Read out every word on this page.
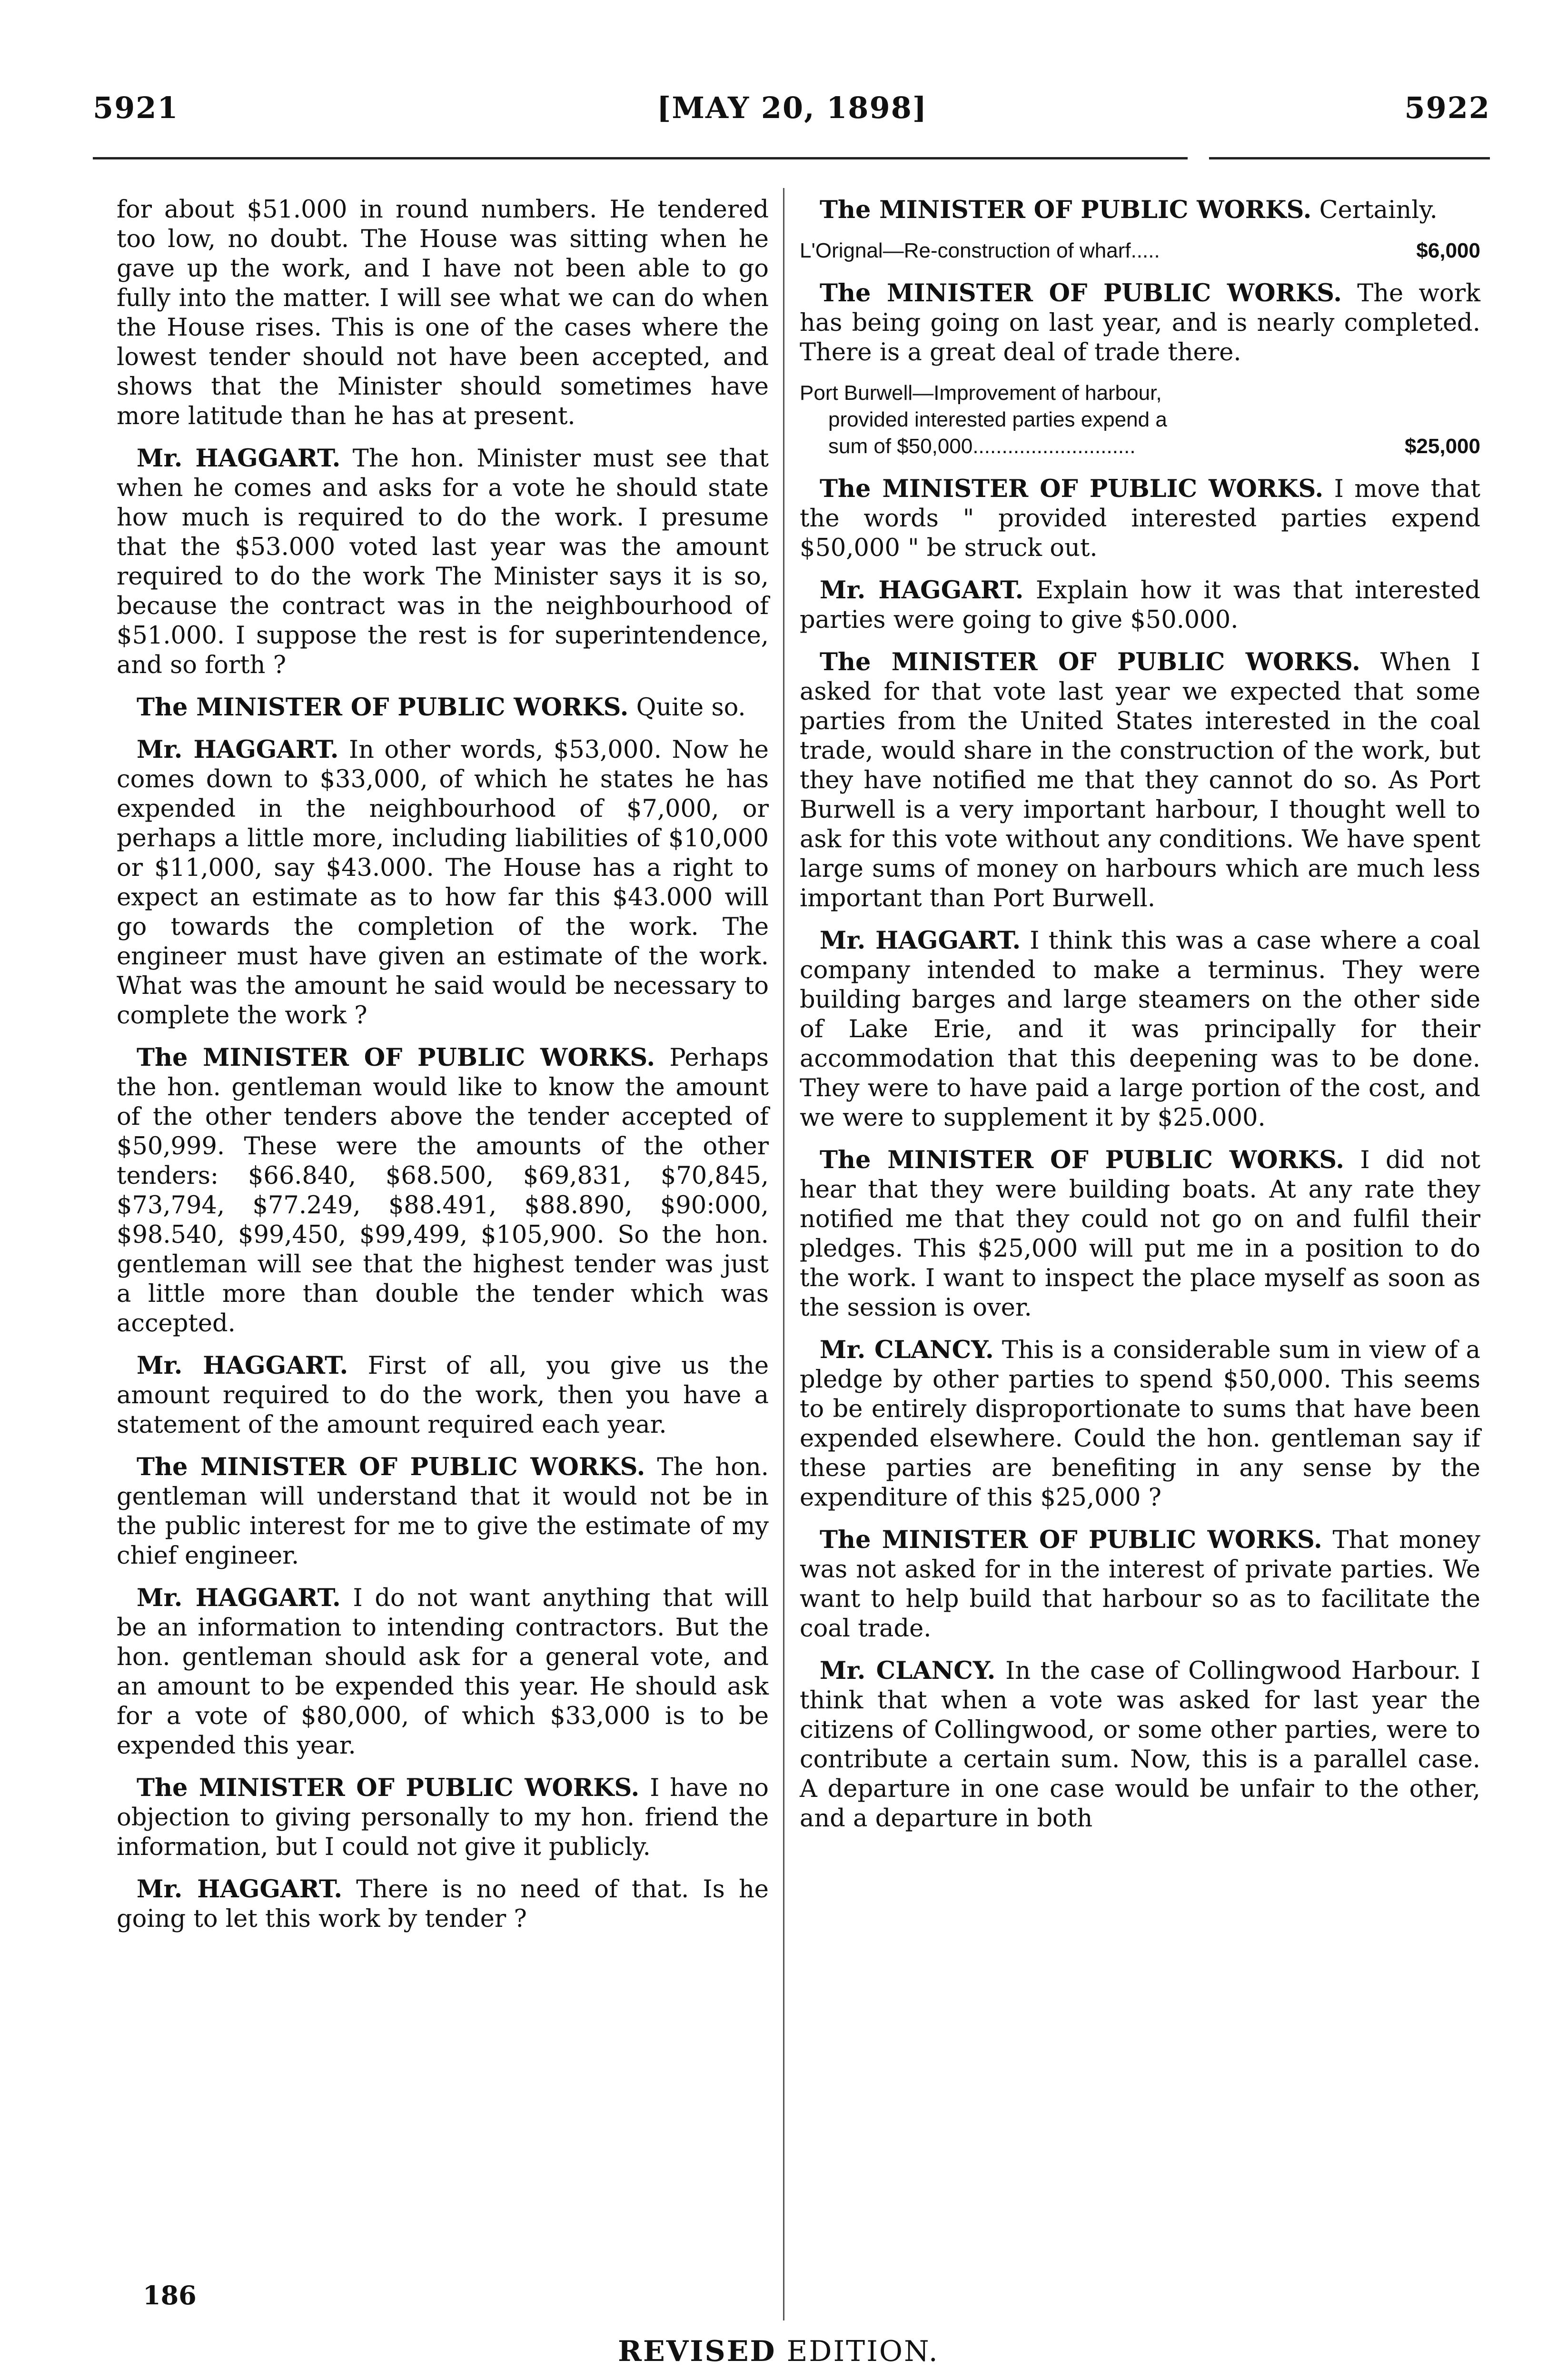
5921	[MAY 20, 1898]	5922

for about $51.000 in round numbers. He tendered too low, no doubt. The House was sitting when he gave up the work, and I have not been able to go fully into the matter. I will see what we can do when the House rises. This is one of the cases where the lowest tender should not have been accepted, and shows that the Minister should sometimes have more latitude than he has at present.

Mr. HAGGART. The hon. Minister must see that when he comes and asks for a vote he should state how much is required to do the work. I presume that the $53.000 voted last year was the amount required to do the work The Minister says it is so, because the contract was in the neighbourhood of $51.000. I suppose the rest is for superintendence, and so forth ?

The MINISTER OF PUBLIC WORKS. Quite so.

Mr. HAGGART. In other words, $53,000. Now he comes down to $33,000, of which he states he has expended in the neighbourhood of $7,000, or perhaps a little more, including liabilities of $10,000 or $11,000, say $43.000. The House has a right to expect an estimate as to how far this $43.000 will go towards the completion of the work. The engineer must have given an estimate of the work. What was the amount he said would be necessary to complete the work ?

The MINISTER OF PUBLIC WORKS. Perhaps the hon. gentleman would like to know the amount of the other tenders above the tender accepted of $50,999. These were the amounts of the other tenders: $66.840, $68.500, $69,831, $70,845, $73,794, $77.249, $88.491, $88.890, $90:000, $98.540, $99,450, $99,499, $105,900. So the hon. gentleman will see that the highest tender was just a little more than double the tender which was accepted.

Mr. HAGGART. First of all, you give us the amount required to do the work, then you have a statement of the amount required each year.

The MINISTER OF PUBLIC WORKS. The hon. gentleman will understand that it would not be in the public interest for me to give the estimate of my chief engineer.

Mr. HAGGART. I do not want anything that will be an information to intending contractors. But the hon. gentleman should ask for a general vote, and an amount to be expended this year. He should ask for a vote of $80,000, of which $33,000 is to be expended this year.

The MINISTER OF PUBLIC WORKS. I have no objection to giving personally to my hon. friend the information, but I could not give it publicly.

Mr. HAGGART. There is no need of that. Is he going to let this work by tender ?

The MINISTER OF PUBLIC WORKS. Certainly.

L'Orignal—Re-construction of wharf.....	$6,000

The MINISTER OF PUBLIC WORKS. The work has being going on last year, and is nearly completed. There is a great deal of trade there.

Port Burwell—Improvement of harbour,
provided interested parties expend a
sum of $50,000............................	$25,000

The MINISTER OF PUBLIC WORKS. I move that the words " provided interested parties expend $50,000 " be struck out.

Mr. HAGGART. Explain how it was that interested parties were going to give $50.000.

The MINISTER OF PUBLIC WORKS. When I asked for that vote last year we expected that some parties from the United States interested in the coal trade, would share in the construction of the work, but they have notified me that they cannot do so. As Port Burwell is a very important harbour, I thought well to ask for this vote without any conditions. We have spent large sums of money on harbours which are much less important than Port Burwell.

Mr. HAGGART. I think this was a case where a coal company intended to make a terminus. They were building barges and large steamers on the other side of Lake Erie, and it was principally for their accommodation that this deepening was to be done. They were to have paid a large portion of the cost, and we were to supplement it by $25.000.

The MINISTER OF PUBLIC WORKS. I did not hear that they were building boats. At any rate they notified me that they could not go on and fulfil their pledges. This $25,000 will put me in a position to do the work. I want to inspect the place myself as soon as the session is over.

Mr. CLANCY. This is a considerable sum in view of a pledge by other parties to spend $50,000. This seems to be entirely disproportionate to sums that have been expended elsewhere. Could the hon. gentleman say if these parties are benefiting in any sense by the expenditure of this $25,000 ?

The MINISTER OF PUBLIC WORKS. That money was not asked for in the interest of private parties. We want to help build that harbour so as to facilitate the coal trade.

Mr. CLANCY. In the case of Collingwood Harbour. I think that when a vote was asked for last year the citizens of Collingwood, or some other parties, were to contribute a certain sum. Now, this is a parallel case. A departure in one case would be unfair to the other, and a departure in both

186
REVISED EDITION.
